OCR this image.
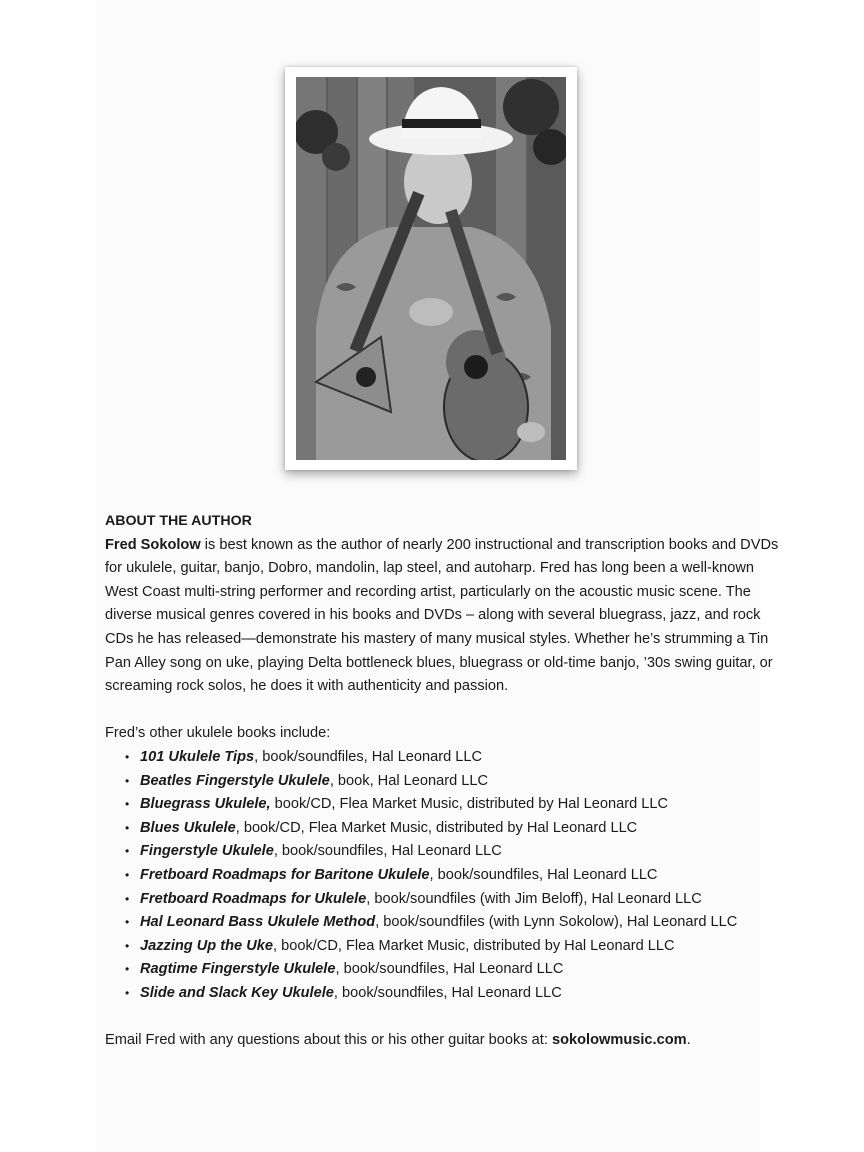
ABOUT THE AUTHOR

Fred Sokolow is best known as the author of nearly 200 instructional and transcription books and DVDs for ukulele, guitar, banjo, Dobro, mandolin, lap steel, and autoharp. Fred has long been a well-known West Coast multi-string performer and recording artist, particularly on the acoustic music scene. The diverse musical genres covered in his books and DVDs – along with several bluegrass, jazz, and rock CDs he has released—demonstrate his mastery of many musical styles. Whether he’s strumming a Tin Pan Alley song on uke, playing Delta bottleneck blues, bluegrass or old-time banjo, ’30s swing guitar, or screaming rock solos, he does it with authenticity and passion.

Fred’s other ukulele books include:

• 101 Ukulele Tips, book/soundfiles, Hal Leonard LLC
• Beatles Fingerstyle Ukulele, book, Hal Leonard LLC
• Bluegrass Ukulele, book/CD, Flea Market Music, distributed by Hal Leonard LLC
• Blues Ukulele, book/CD, Flea Market Music, distributed by Hal Leonard LLC
• Fingerstyle Ukulele, book/soundfiles, Hal Leonard LLC
• Fretboard Roadmaps for Baritone Ukulele, book/soundfiles, Hal Leonard LLC
• Fretboard Roadmaps for Ukulele, book/soundfiles (with Jim Beloff), Hal Leonard LLC
• Hal Leonard Bass Ukulele Method, book/soundfiles (with Lynn Sokolow), Hal Leonard LLC
• Jazzing Up the Uke, book/CD, Flea Market Music, distributed by Hal Leonard LLC
• Ragtime Fingerstyle Ukulele, book/soundfiles, Hal Leonard LLC
• Slide and Slack Key Ukulele, book/soundfiles, Hal Leonard LLC

Email Fred with any questions about this or his other guitar books at: sokolowmusic.com.
